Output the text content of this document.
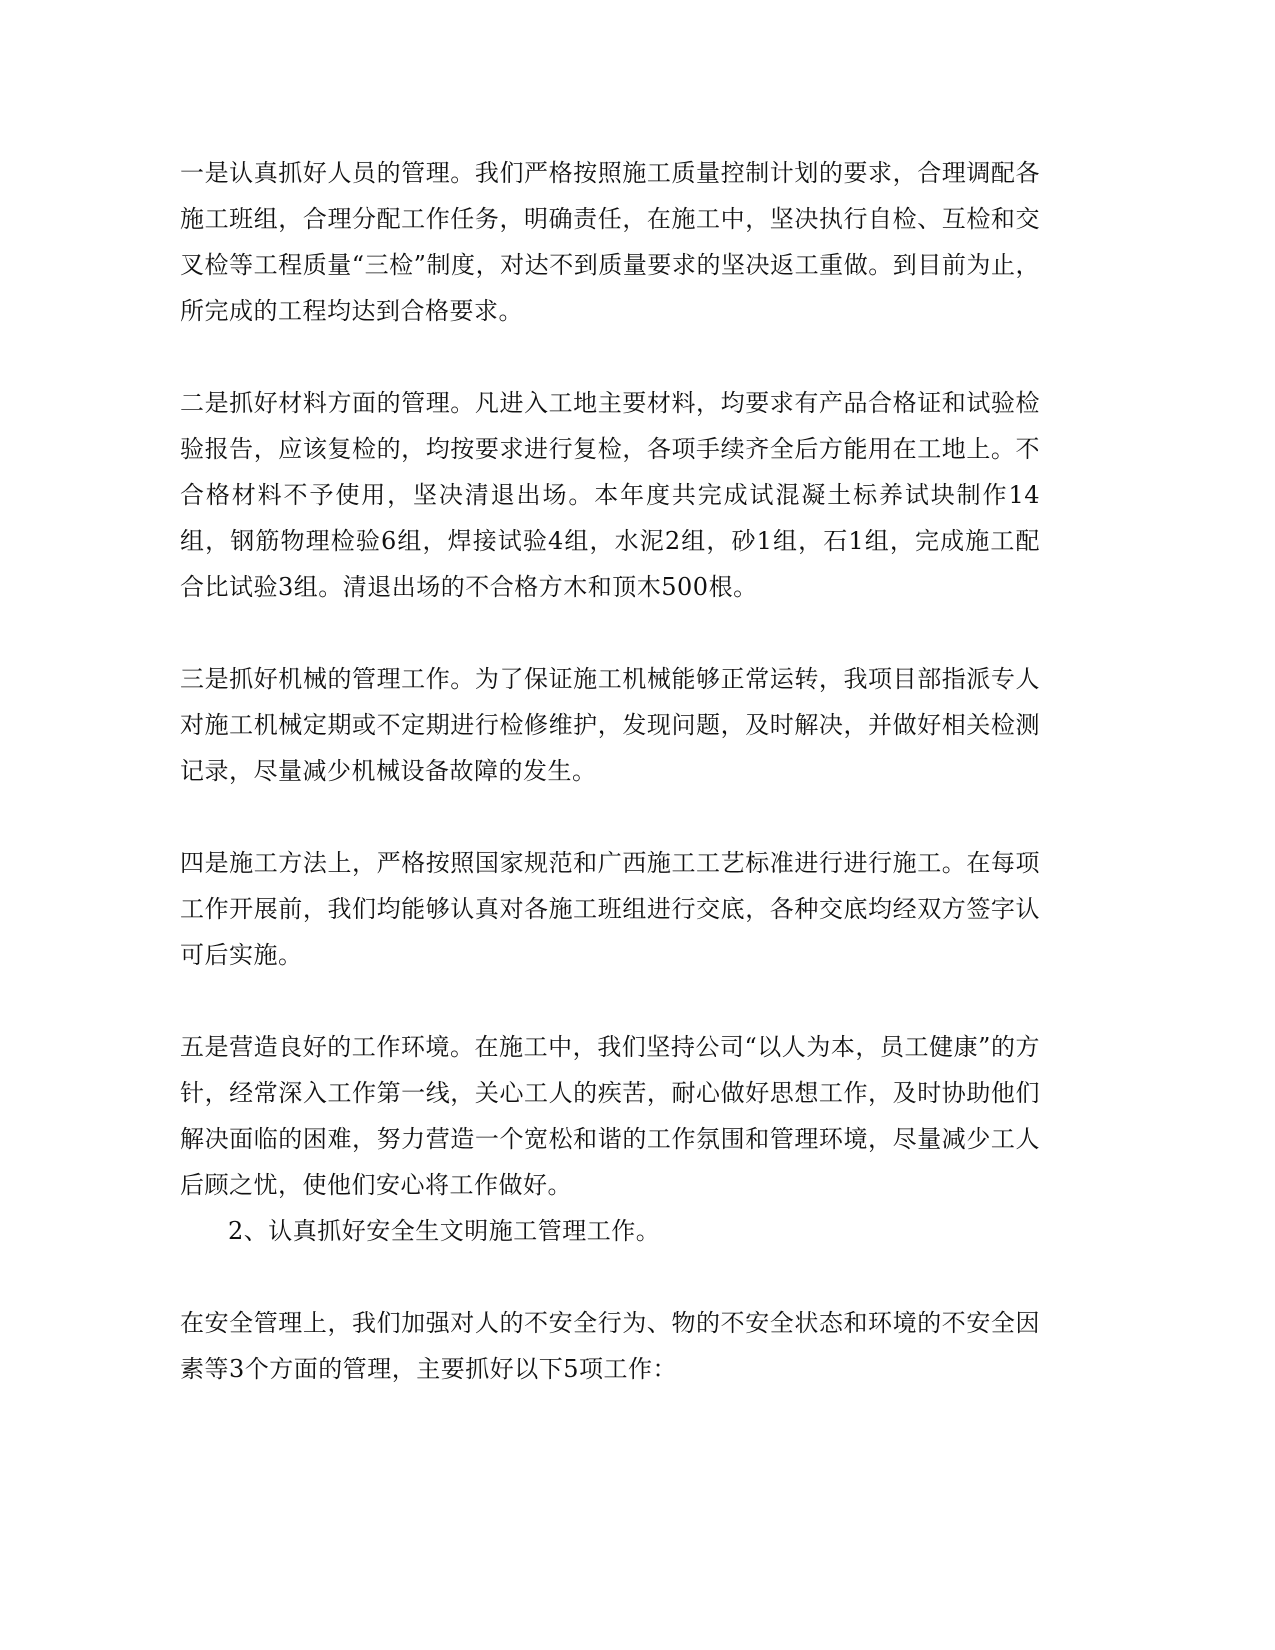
一是认真抓好人员的管理。我们严格按照施工质量控制计划的要求，合理调配各施工班组，合理分配工作任务，明确责任，在施工中，坚决执行自检、互检和交叉检等工程质量“三检”制度，对达不到质量要求的坚决返工重做。到目前为止，所完成的工程均达到合格要求。

二是抓好材料方面的管理。凡进入工地主要材料，均要求有产品合格证和试验检验报告，应该复检的，均按要求进行复检，各项手续齐全后方能用在工地上。不合格材料不予使用，坚决清退出场。本年度共完成试混凝土标养试块制作14组，钢筋物理检验6组，焊接试验4组，水泥2组，砂1组，石1组，完成施工配合比试验3组。清退出场的不合格方木和顶木500根。

三是抓好机械的管理工作。为了保证施工机械能够正常运转，我项目部指派专人对施工机械定期或不定期进行检修维护，发现问题，及时解决，并做好相关检测记录，尽量减少机械设备故障的发生。

四是施工方法上，严格按照国家规范和广西施工工艺标准进行进行施工。在每项工作开展前，我们均能够认真对各施工班组进行交底，各种交底均经双方签字认可后实施。

五是营造良好的工作环境。在施工中，我们坚持公司“以人为本，员工健康”的方针，经常深入工作第一线，关心工人的疾苦，耐心做好思想工作，及时协助他们解决面临的困难，努力营造一个宽松和谐的工作氛围和管理环境，尽量减少工人后顾之忧，使他们安心将工作做好。

2、认真抓好安全生文明施工管理工作。

在安全管理上，我们加强对人的不安全行为、物的不安全状态和环境的不安全因素等3个方面的管理，主要抓好以下5项工作：
